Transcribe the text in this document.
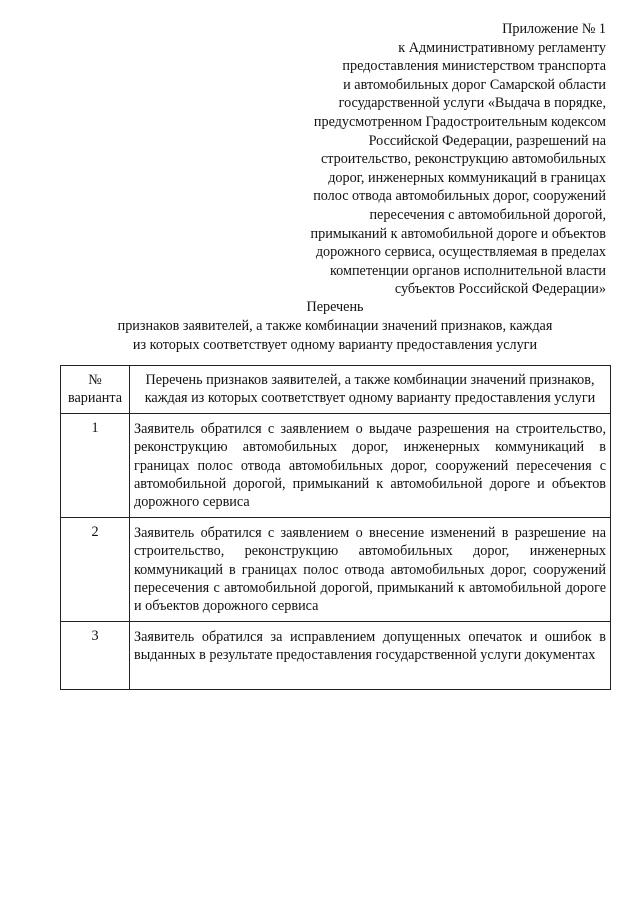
Приложение № 1
к Административному регламенту
предоставления министерством транспорта
и автомобильных дорог Самарской области
государственной услуги «Выдача в порядке,
предусмотренном Градостроительным кодексом
Российской Федерации, разрешений на
строительство, реконструкцию автомобильных
дорог, инженерных коммуникаций в границах
полос отвода автомобильных дорог, сооружений
пересечения с автомобильной дорогой,
примыканий к автомобильной дороге и объектов
дорожного сервиса, осуществляемая в пределах
компетенции органов исполнительной власти
субъектов Российской Федерации»
Перечень
признаков заявителей, а также комбинации значений признаков, каждая
из которых соответствует одному варианту предоставления услуги
№
варианта	Перечень признаков заявителей, а также комбинации значений признаков, каждая из которых соответствует одному варианту предоставления услуги
1	Заявитель обратился с заявлением о выдаче разрешения на строительство, реконструкцию автомобильных дорог, инженерных коммуникаций в границах полос отвода автомобильных дорог, сооружений пересечения с автомобильной дорогой, примыканий к автомобильной дороге и объектов дорожного сервиса
2	Заявитель обратился с заявлением о внесение изменений в разрешение на строительство, реконструкцию автомобильных дорог, инженерных коммуникаций в границах полос отвода автомобильных дорог, сооружений пересечения с автомобильной дорогой, примыканий к автомобильной дороге и объектов дорожного сервиса
3	Заявитель обратился за исправлением допущенных опечаток и ошибок в выданных в результате предоставления государственной услуги документах
